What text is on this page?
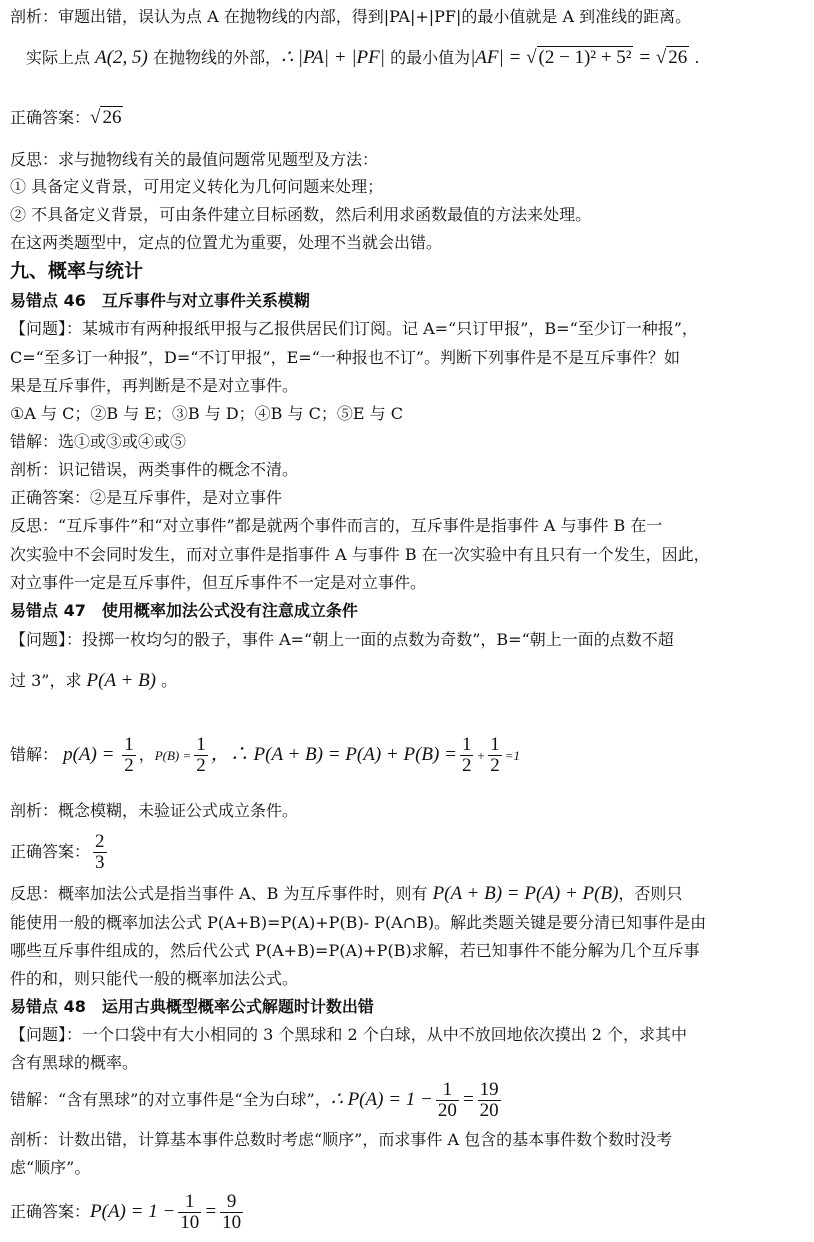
剖析：审题出错，误认为点 A 在抛物线的内部，得到|PA|+|PF|的最小值就是 A 到准线的距离。
实际上点 A(2, 5) 在抛物线的外部，∴ |PA| + |PF| 的最小值为|AF| = √ (2 − 1)² + 5² = √ 26 .
正确答案：√ 26
反思：求与抛物线有关的最值问题常见题型及方法：
① 具备定义背景，可用定义转化为几何问题来处理；
② 不具备定义背景，可由条件建立目标函数，然后利用求函数最值的方法来处理。
在这两类题型中，定点的位置尤为重要，处理不当就会出错。
九、概率与统计
易错点 46　互斥事件与对立事件关系模糊
【问题】：某城市有两种报纸甲报与乙报供居民们订阅。记 A=“只订甲报”，B=“至少订一种报”，
C=“至多订一种报”，D=“不订甲报”，E=“一种报也不订”。判断下列事件是不是互斥事件？如
果是互斥事件，再判断是不是对立事件。
①A 与 C；②B 与 E；③B 与 D；④B 与 C；⑤E 与 C
错解：选①或③或④或⑤
剖析：识记错误，两类事件的概念不清。
正确答案：②是互斥事件，是对立事件
反思：“互斥事件”和“对立事件”都是就两个事件而言的，互斥事件是指事件 A 与事件 B 在一
次实验中不会同时发生，而对立事件是指事件 A 与事件 B 在一次实验中有且只有一个发生，因此，
对立事件一定是互斥事件，但互斥事件不一定是对立事件。
易错点 47　使用概率加法公式没有注意成立条件
【问题】：投掷一枚均匀的骰子，事件 A=“朝上一面的点数为奇数”，B=“朝上一面的点数不超
过 3”，求 P(A + B) 。
错解： $p(A) = \frac{1}{2}$ ，$P(B) = \frac{1}{2}$ ，∴ $P(A + B) = P(A) + P(B) = \frac{1}{2} + \frac{1}{2} =1$
剖析：概念模糊，未验证公式成立条件。
正确答案： $\frac{2}{3}$
反思：概率加法公式是指当事件 A、B 为互斥事件时，则有 P(A + B) = P(A) + P(B)，否则只
能使用一般的概率加法公式 P(A+B)=P(A)+P(B)- P(A∩B)。解此类题关键是要分清已知事件是由
哪些互斥事件组成的，然后代公式 P(A+B)=P(A)+P(B)求解，若已知事件不能分解为几个互斥事
件的和，则只能代一般的概率加法公式。
易错点 48　运用古典概型概率公式解题时计数出错
【问题】：一个口袋中有大小相同的 3 个黑球和 2 个白球，从中不放回地依次摸出 2 个，求其中
含有黑球的概率。
错解：“含有黑球”的对立事件是“全为白球”，∴ $P(A) = 1 - \frac{1}{20} = \frac{19}{20}$
剖析：计数出错，计算基本事件总数时考虑“顺序”，而求事件 A 包含的基本事件数个数时没考
虑“顺序”。
正确答案：$P(A) = 1 - \frac{1}{10} = \frac{9}{10}$
